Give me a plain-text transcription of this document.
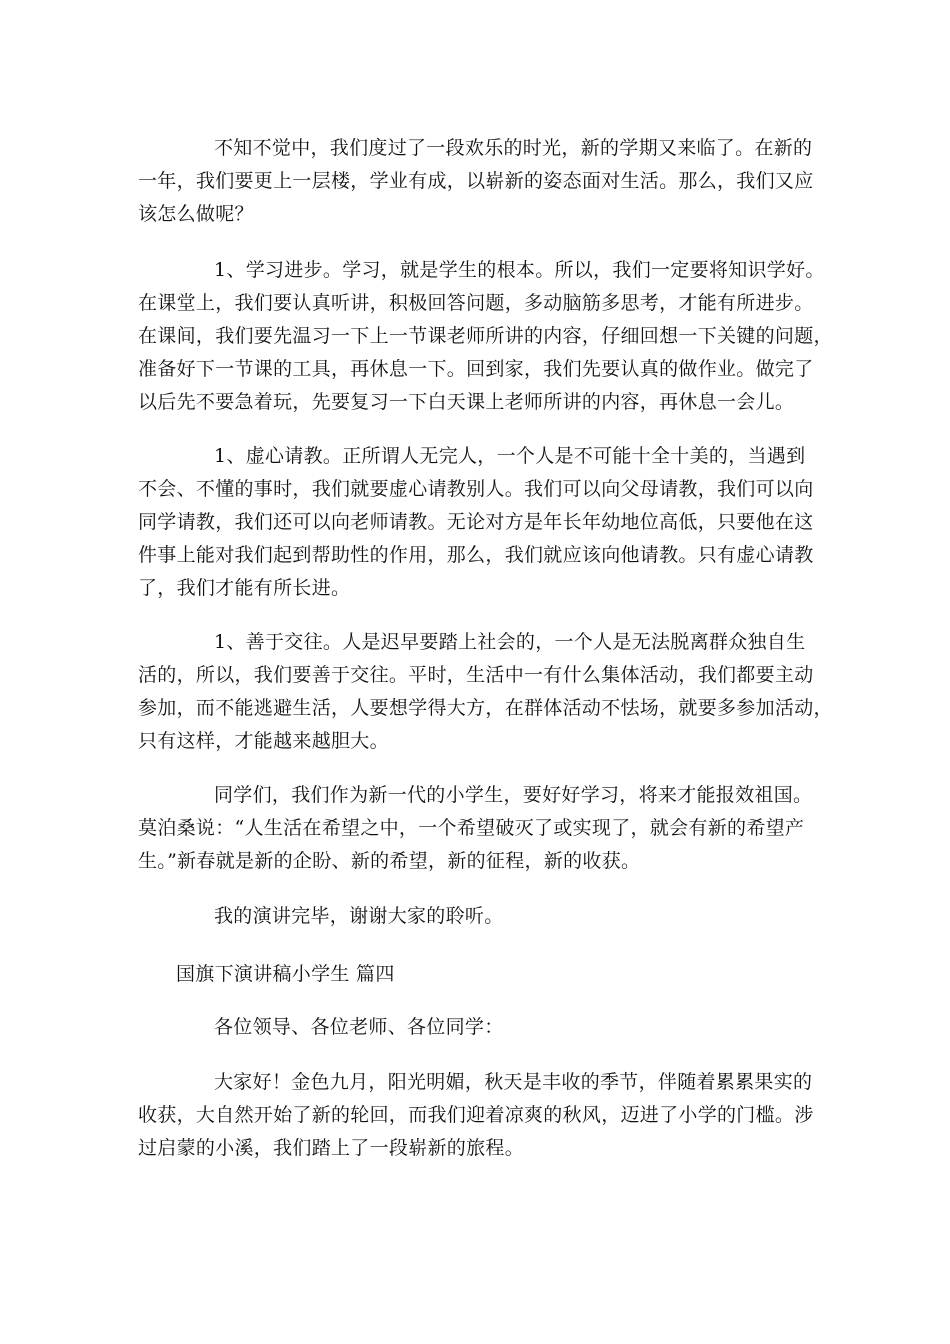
不知不觉中，我们度过了一段欢乐的时光，新的学期又来临了。在新的
一年，我们要更上一层楼，学业有成，以崭新的姿态面对生活。那么，我们又应
该怎么做呢？
1、学习进步。学习，就是学生的根本。所以，我们一定要将知识学好。
在课堂上，我们要认真听讲，积极回答问题，多动脑筋多思考，才能有所进步。
在课间，我们要先温习一下上一节课老师所讲的内容，仔细回想一下关键的问题，
准备好下一节课的工具，再休息一下。回到家，我们先要认真的做作业。做完了
以后先不要急着玩，先要复习一下白天课上老师所讲的内容，再休息一会儿。
1、虚心请教。正所谓人无完人，一个人是不可能十全十美的，当遇到
不会、不懂的事时，我们就要虚心请教别人。我们可以向父母请教，我们可以向
同学请教，我们还可以向老师请教。无论对方是年长年幼地位高低，只要他在这
件事上能对我们起到帮助性的作用，那么，我们就应该向他请教。只有虚心请教
了，我们才能有所长进。
1、善于交往。人是迟早要踏上社会的，一个人是无法脱离群众独自生
活的，所以，我们要善于交往。平时，生活中一有什么集体活动，我们都要主动
参加，而不能逃避生活，人要想学得大方，在群体活动不怯场，就要多参加活动，
只有这样，才能越来越胆大。
同学们，我们作为新一代的小学生，要好好学习，将来才能报效祖国。
莫泊桑说：“人生活在希望之中，一个希望破灭了或实现了，就会有新的希望产
生。”新春就是新的企盼、新的希望，新的征程，新的收获。
我的演讲完毕，谢谢大家的聆听。
国旗下演讲稿小学生 篇四
各位领导、各位老师、各位同学：
大家好！金色九月，阳光明媚，秋天是丰收的季节，伴随着累累果实的
收获，大自然开始了新的轮回，而我们迎着凉爽的秋风，迈进了小学的门槛。涉
过启蒙的小溪，我们踏上了一段崭新的旅程。
